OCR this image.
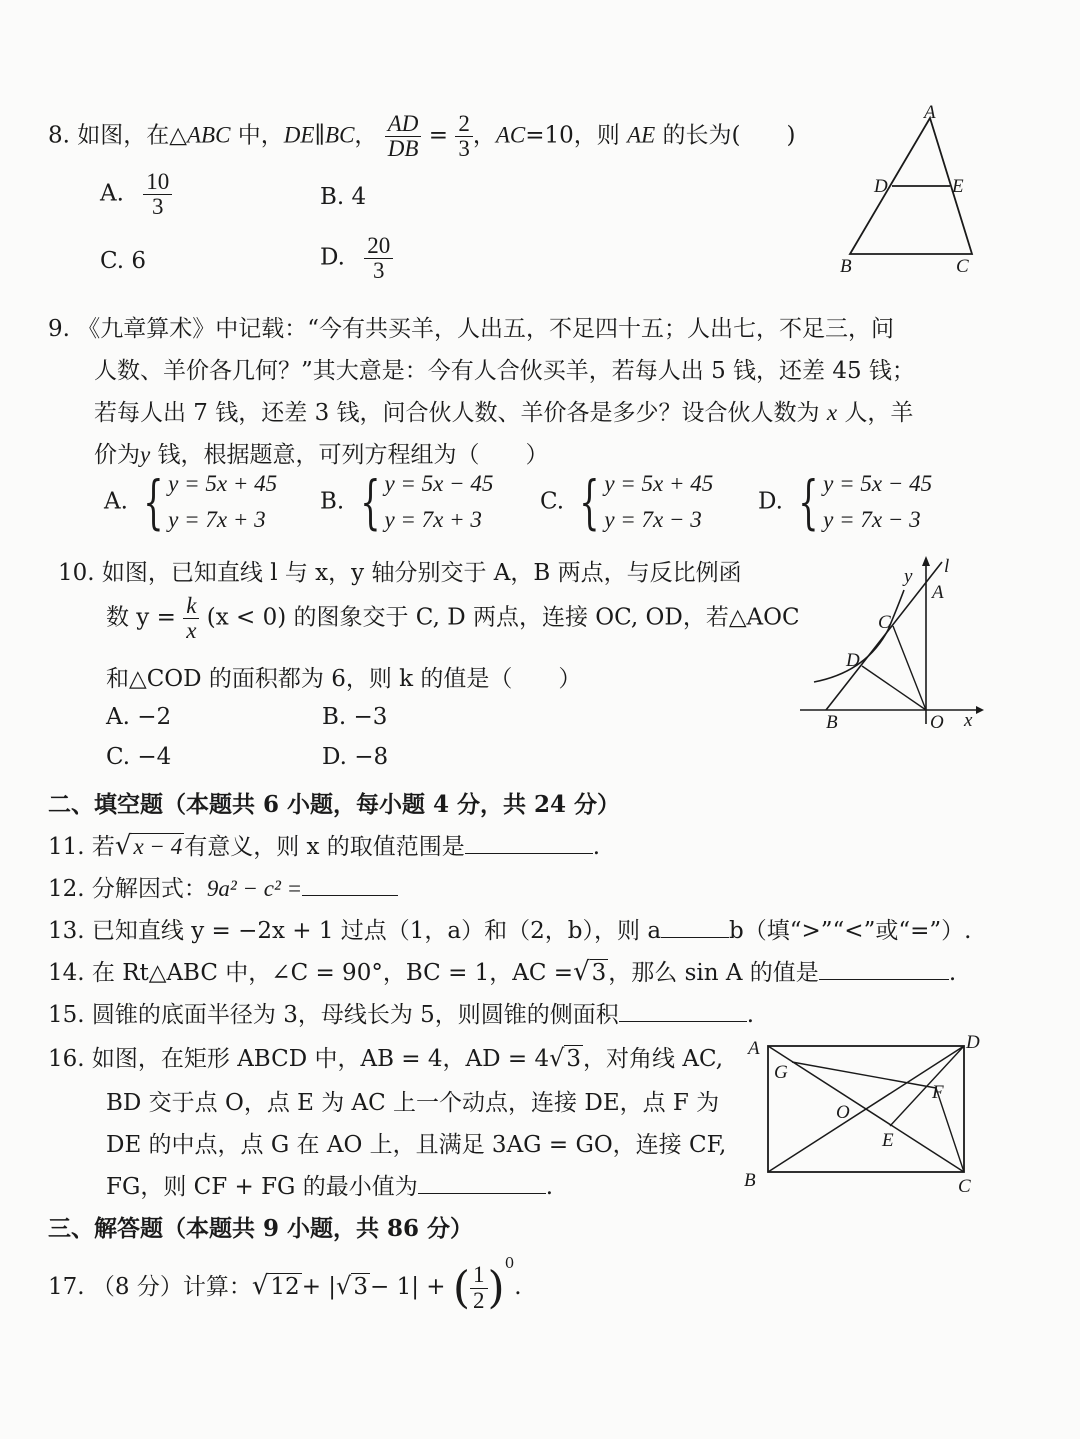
8. 如图，在△ABC 中，DE∥BC， $\frac{AD}{DB} = \frac{2}{3}$ ，AC=10，则 AE 的长为(　　)
A. $\frac{10}{3}$	B. 4
C. 6	D. $\frac{20}{3}$
A
D	E
B	C
9. 《九章算术》中记载：“今有共买羊，人出五，不足四十五；人出七，不足三，问
人数、羊价各几何？”其大意是：今有人合伙买羊，若每人出 5 钱，还差 45 钱；
若每人出 7 钱，还差 3 钱，问合伙人数、羊价各是多少？设合伙人数为 x 人，羊
价为y 钱，根据题意，可列方程组为（　　）
A. { y = 5x + 45
y = 7x + 3
B. { y = 5x − 45
y = 7x + 3
C. { y = 5x + 45
y = 7x − 3
D. { y = 5x − 45
y = 7x − 3
10. 如图，已知直线 l 与 x，y 轴分别交于 A，B 两点，与反比例函
数 $y = \frac{k}{x} (x < 0)$ 的图象交于 C, D 两点，连接 OC, OD，若△AOC
和△COD 的面积都为 6，则 k 的值是（　　）
A. −2	B. −3
C. −4	D. −8
y l
A
C
D
B	O x
二、填空题（本题共 6 小题，每小题 4 分，共 24 分）
11. 若√x − 4有意义，则 x 的取值范围是	.
12. 分解因式：9a² − c² =
13. 已知直线 y = −2x + 1 过点（1，a）和（2，b），则 a	b（填“>”“<”或“=”）.
14. 在 Rt△ABC 中，∠C = 90°，BC = 1，AC =√3，那么 sin A 的值是	.
15. 圆锥的底面半径为 3，母线长为 5，则圆锥的侧面积	.
16. 如图，在矩形 ABCD 中，AB = 4，AD = 4√3，对角线 AC,
BD 交于点 O，点 E 为 AC 上一个动点，连接 DE，点 F 为
DE 的中点，点 G 在 AO 上，且满足 3AG = GO，连接 CF,
FG，则 CF + FG 的最小值为	.
A	D
B	C
G
O
F
E
三、解答题（本题共 9 小题，共 86 分）
17. （8 分）计算：√12+ |√3− 1| + ( $\frac{1}{2} )^0$.
